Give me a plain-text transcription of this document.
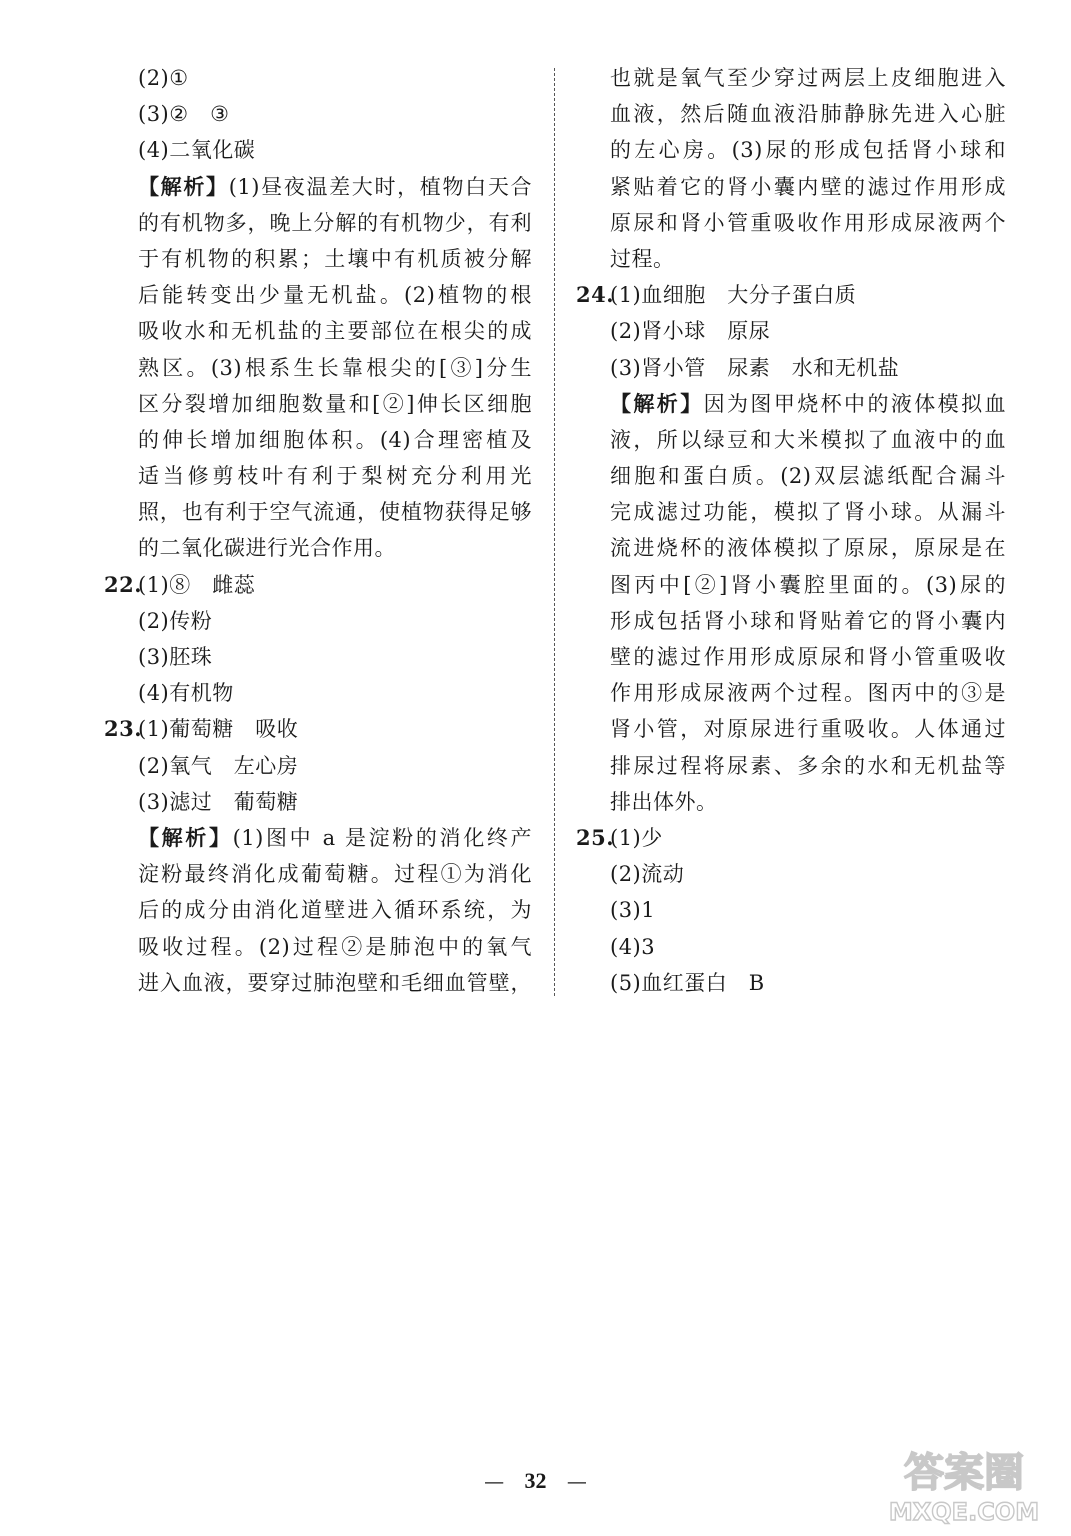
(2)①
(3)② ③
(4)二氧化碳
【解析】(1)昼夜温差大时，植物白天合
的有机物多，晚上分解的有机物少，有利
于有机物的积累；土壤中有机质被分解
后能转变出少量无机盐。(2)植物的根
吸收水和无机盐的主要部位在根尖的成
熟区。(3)根系生长靠根尖的[③]分生
区分裂增加细胞数量和[②]伸长区细胞
的伸长增加细胞体积。(4)合理密植及
适当修剪枝叶有利于梨树充分利用光
照，也有利于空气流通，使植物获得足够
的二氧化碳进行光合作用。
22.(1)⑧ 雌蕊
(2)传粉
(3)胚珠
(4)有机物
23.(1)葡萄糖 吸收
(2)氧气 左心房
(3)滤过 葡萄糖
【解析】(1)图中 a 是淀粉的消化终产
淀粉最终消化成葡萄糖。过程①为消化
后的成分由消化道壁进入循环系统，为
吸收过程。(2)过程②是肺泡中的氧气
进入血液，要穿过肺泡壁和毛细血管壁，
也就是氧气至少穿过两层上皮细胞进入
血液，然后随血液沿肺静脉先进入心脏
的左心房。(3)尿的形成包括肾小球和
紧贴着它的肾小囊内壁的滤过作用形成
原尿和肾小管重吸收作用形成尿液两个
过程。
24.(1)血细胞 大分子蛋白质
(2)肾小球 原尿
(3)肾小管 尿素 水和无机盐
【解析】因为图甲烧杯中的液体模拟血
液，所以绿豆和大米模拟了血液中的血
细胞和蛋白质。(2)双层滤纸配合漏斗
完成滤过功能，模拟了肾小球。从漏斗
流进烧杯的液体模拟了原尿，原尿是在
图丙中[②]肾小囊腔里面的。(3)尿的
形成包括肾小球和肾贴着它的肾小囊内
壁的滤过作用形成原尿和肾小管重吸收
作用形成尿液两个过程。图丙中的③是
肾小管，对原尿进行重吸收。人体通过
排尿过程将尿素、多余的水和无机盐等
排出体外。
25.(1)少
(2)流动
(3)1
(4)3
(5)血红蛋白 B
— 32 —	答案圈
MXQE.COM
